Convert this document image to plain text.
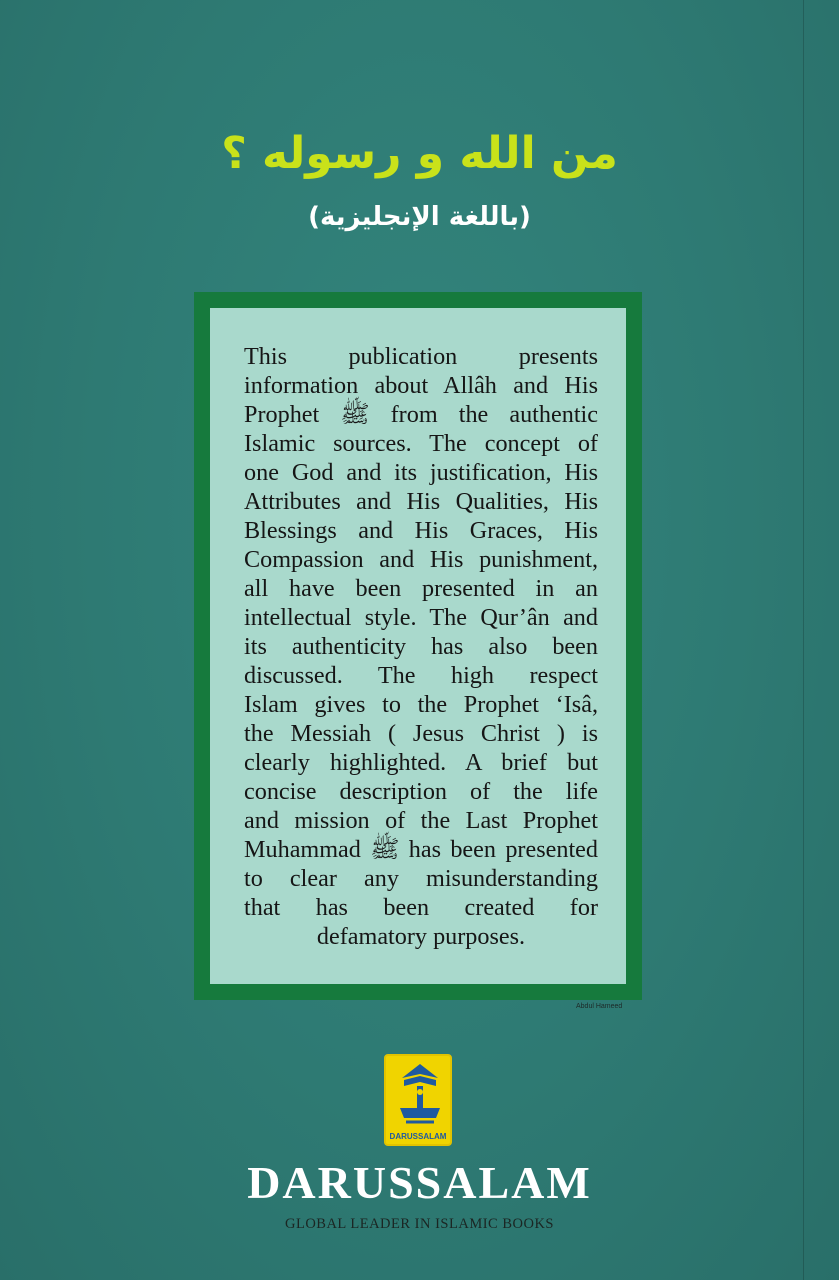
من الله و رسوله ؟
(باللغة الإنجليزية)
This publication presents
information about Allâh and His
Prophet ﷺ from the authentic
Islamic sources. The concept of
one God and its justification, His
Attributes and His Qualities, His
Blessings and His Graces, His
Compassion and His punishment,
all have been presented in an
intellectual style. The Qur’ân and
its authenticity has also been
discussed. The high respect
Islam gives to the Prophet ‘Isâ,
the Messiah ( Jesus Christ ) is
clearly highlighted. A brief but
concise description of the life
and mission of the Last Prophet
Muhammad ﷺ has been presented
to clear any misunderstanding
that has been created for
defamatory purposes.
Abdul Hameed
DARUSSALAM
DARUSSALAM
GLOBAL LEADER IN ISLAMIC BOOKS
